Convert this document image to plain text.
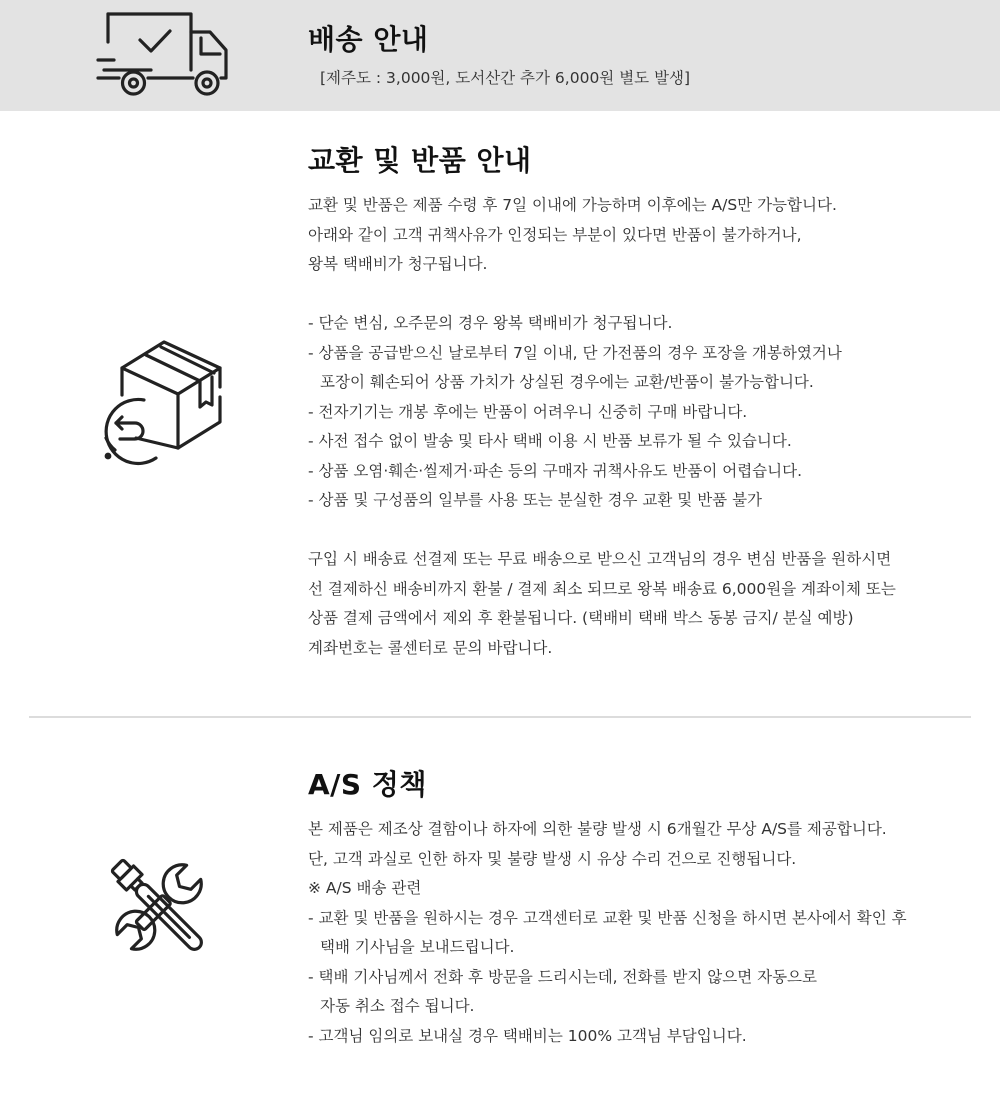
배송 안내
[제주도 : 3,000원, 도서산간 추가 6,000원 별도 발생]
교환 및 반품 안내
교환 및 반품은 제품 수령 후 7일 이내에 가능하며 이후에는 A/S만 가능합니다.
아래와 같이 고객 귀책사유가 인정되는 부분이 있다면 반품이 불가하거나,
왕복 택배비가 청구됩니다.
- 단순 변심, 오주문의 경우 왕복 택배비가 청구됩니다.
- 상품을 공급받으신 날로부터 7일 이내, 단 가전품의 경우 포장을 개봉하였거나
포장이 훼손되어 상품 가치가 상실된 경우에는 교환/반품이 불가능합니다.
- 전자기기는 개봉 후에는 반품이 어려우니 신중히 구매 바랍니다.
- 사전 접수 없이 발송 및 타사 택배 이용 시 반품 보류가 될 수 있습니다.
- 상품 오염·훼손·씰제거·파손 등의 구매자 귀책사유도 반품이 어렵습니다.
- 상품 및 구성품의 일부를 사용 또는 분실한 경우 교환 및 반품 불가
구입 시 배송료 선결제 또는 무료 배송으로 받으신 고객님의 경우 변심 반품을 원하시면
선 결제하신 배송비까지 환불 / 결제 최소 되므로 왕복 배송료 6,000원을 계좌이체 또는
상품 결제 금액에서 제외 후 환불됩니다. (택배비 택배 박스 동봉 금지/ 분실 예방)
계좌번호는 콜센터로 문의 바랍니다.
A/S 정책
본 제품은 제조상 결함이나 하자에 의한 불량 발생 시 6개월간 무상 A/S를 제공합니다.
단, 고객 과실로 인한 하자 및 불량 발생 시 유상 수리 건으로 진행됩니다.
※ A/S 배송 관련
- 교환 및 반품을 원하시는 경우 고객센터로 교환 및 반품 신청을 하시면 본사에서 확인 후
택배 기사님을 보내드립니다.
- 택배 기사님께서 전화 후 방문을 드리시는데, 전화를 받지 않으면 자동으로
자동 취소 접수 됩니다.
- 고객님 임의로 보내실 경우 택배비는 100% 고객님 부담입니다.
